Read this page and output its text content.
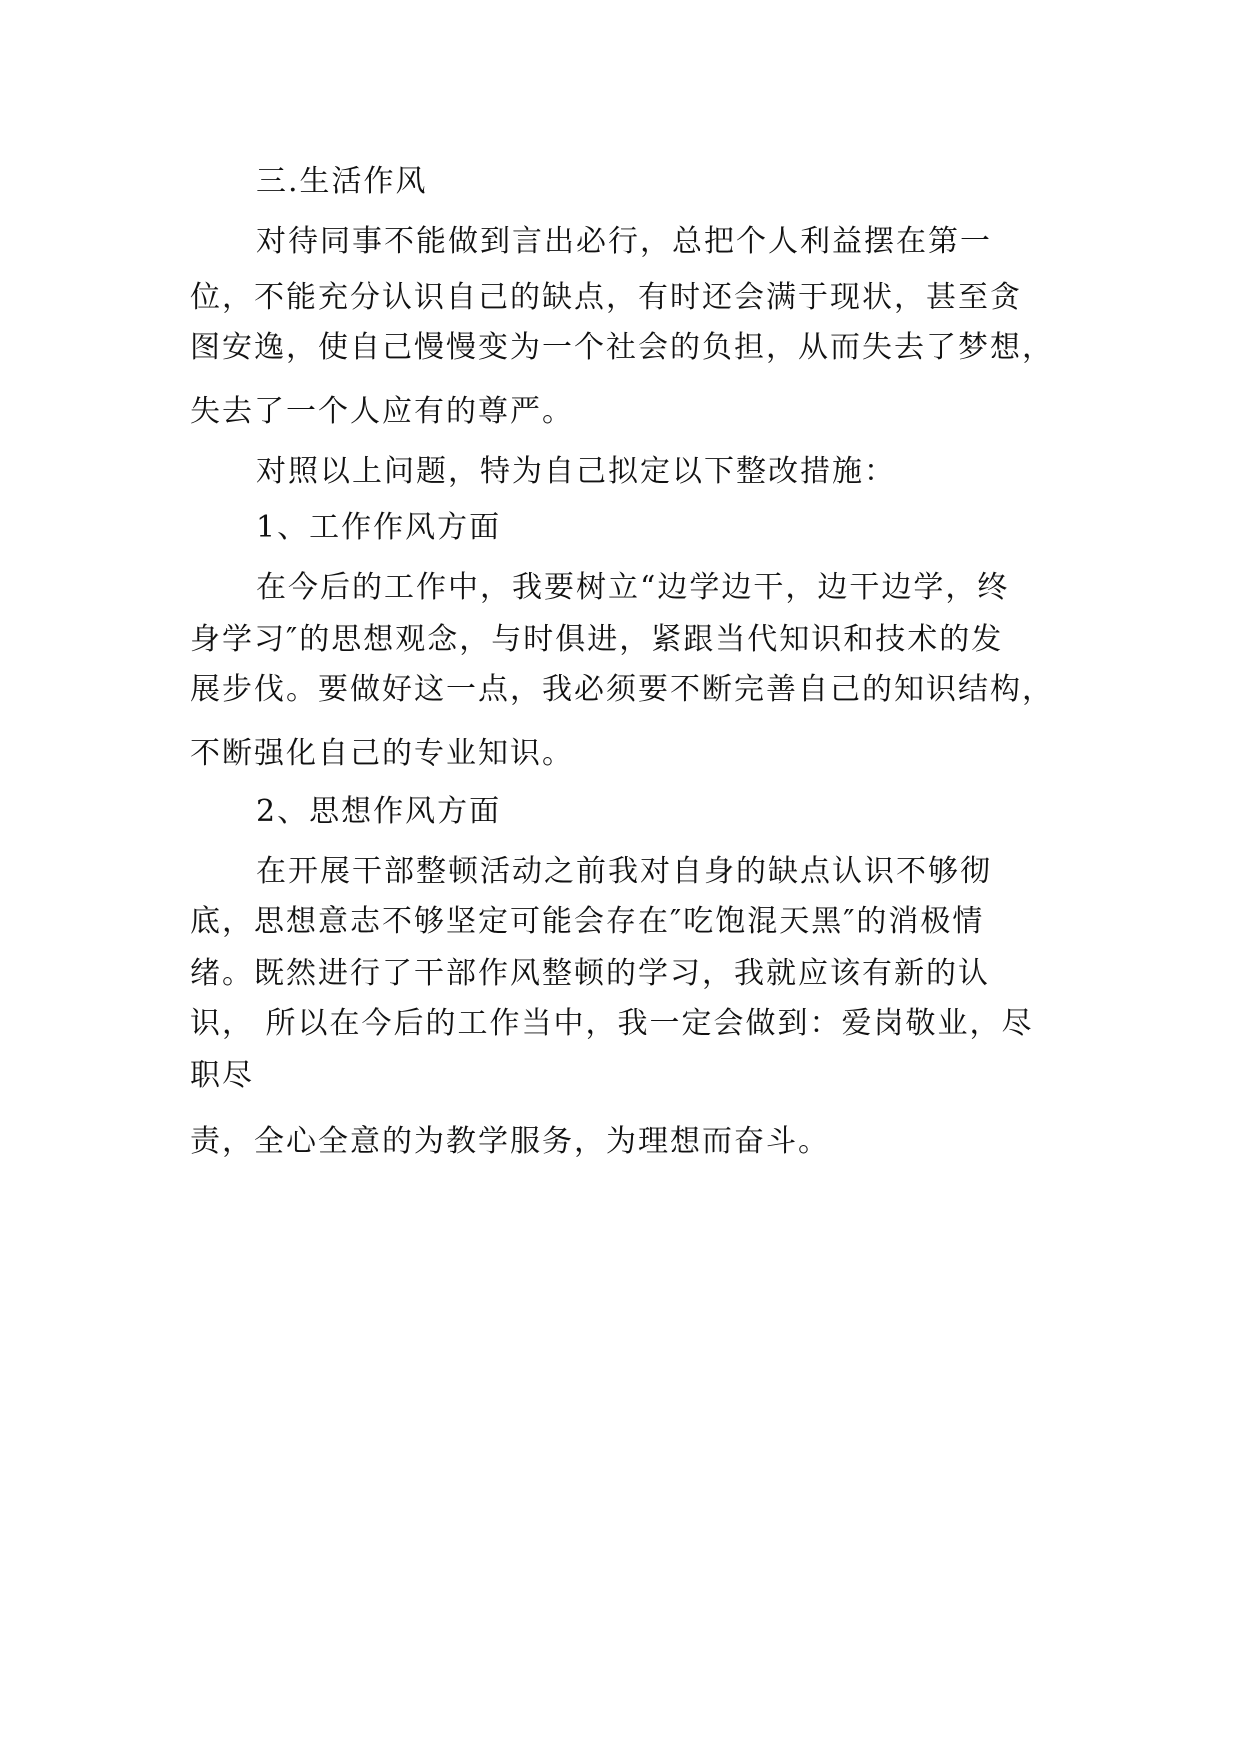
三.生活作风
对待同事不能做到言出必行，总把个人利益摆在第一
位，不能充分认识自己的缺点，有时还会满于现状，甚至贪
图安逸，使自己慢慢变为一个社会的负担，从而失去了梦想，
失去了一个人应有的尊严。
对照以上问题，特为自己拟定以下整改措施：
1、工作作风方面
在今后的工作中，我要树立“边学边干，边干边学，终
身学习″的思想观念，与时俱进，紧跟当代知识和技术的发
展步伐。要做好这一点，我必须要不断完善自己的知识结构，
不断强化自己的专业知识。
2、思想作风方面
在开展干部整顿活动之前我对自身的缺点认识不够彻
底，思想意志不够坚定可能会存在″吃饱混天黑″的消极情
绪。既然进行了干部作风整顿的学习，我就应该有新的认
识， 所以在今后的工作当中，我一定会做到：爱岗敬业，尽
职尽
责，全心全意的为教学服务，为理想而奋斗。
